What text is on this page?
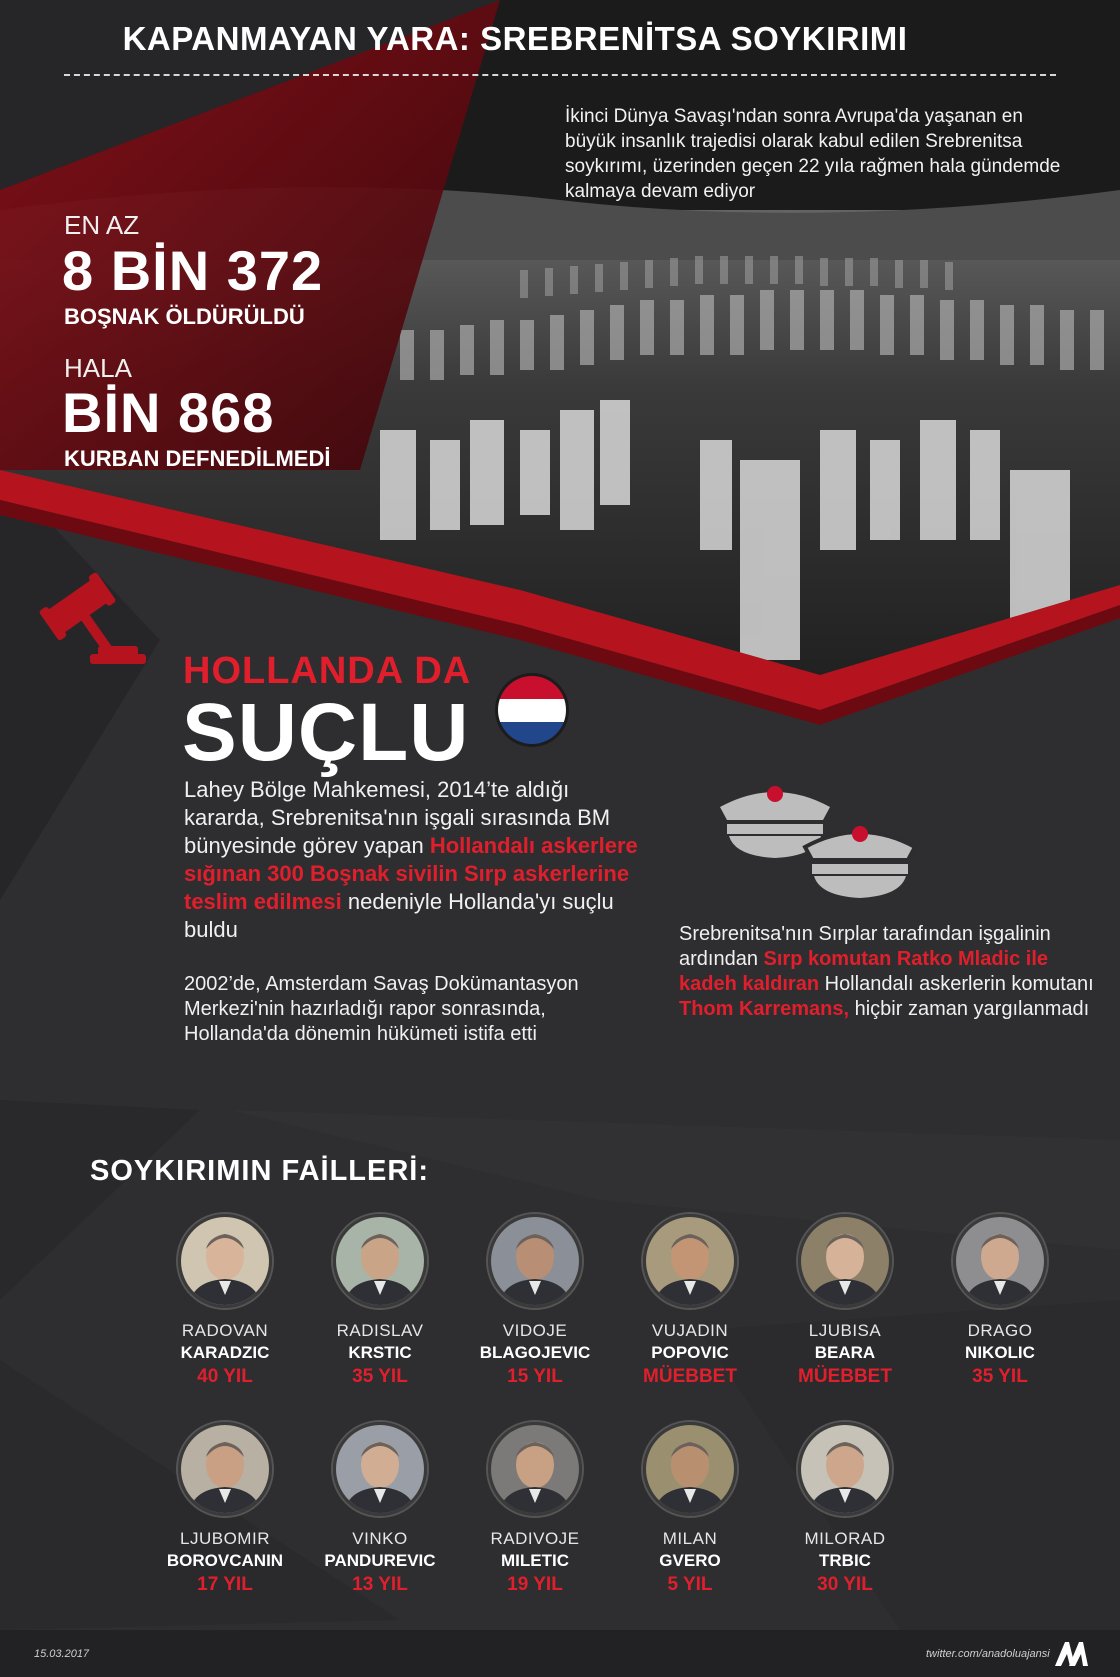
KAPANMAYAN YARA: SREBRENİTSA SOYKIRIMI
İkinci Dünya Savaşı'ndan sonra Avrupa'da yaşanan en büyük insanlık trajedisi olarak kabul edilen Srebrenitsa soykırımı, üzerinden geçen 22 yıla rağmen hala gündemde kalmaya devam ediyor
EN AZ
8 BİN 372
BOŞNAK ÖLDÜRÜLDÜ
HALA
BİN 868
KURBAN DEFNEDİLMEDİ
HOLLANDA DA
SUÇLU
Lahey Bölge Mahkemesi, 2014’te aldığı kararda, Srebrenitsa'nın işgali sırasında BM bünyesinde görev yapan Hollandalı askerlere sığınan 300 Boşnak sivilin Sırp askerlerine teslim edilmesi nedeniyle Hollanda'yı suçlu buldu
2002’de, Amsterdam Savaş Dokümantasyon Merkezi'nin hazırladığı rapor sonrasında, Hollanda'da dönemin hükümeti istifa etti
Srebrenitsa'nın Sırplar tarafından işgalinin ardından Sırp komutan Ratko Mladic ile kadeh kaldıran Hollandalı askerlerin komutanı Thom Karremans, hiçbir zaman yargılanmadı
SOYKIRIMIN FAİLLERİ:
RADOVAN
KARADZIC
40 YIL
RADISLAV
KRSTIC
35 YIL
VIDOJE
BLAGOJEVIC
15 YIL
VUJADIN
POPOVIC
MÜEBBET
LJUBISA
BEARA
MÜEBBET
DRAGO
NIKOLIC
35 YIL
LJUBOMIR
BOROVCANIN
17 YIL
VINKO
PANDUREVIC
13 YIL
RADIVOJE
MILETIC
19 YIL
MILAN
GVERO
5 YIL
MILORAD
TRBIC
30 YIL
15.03.2017	twitter.com/anadoluajansi
